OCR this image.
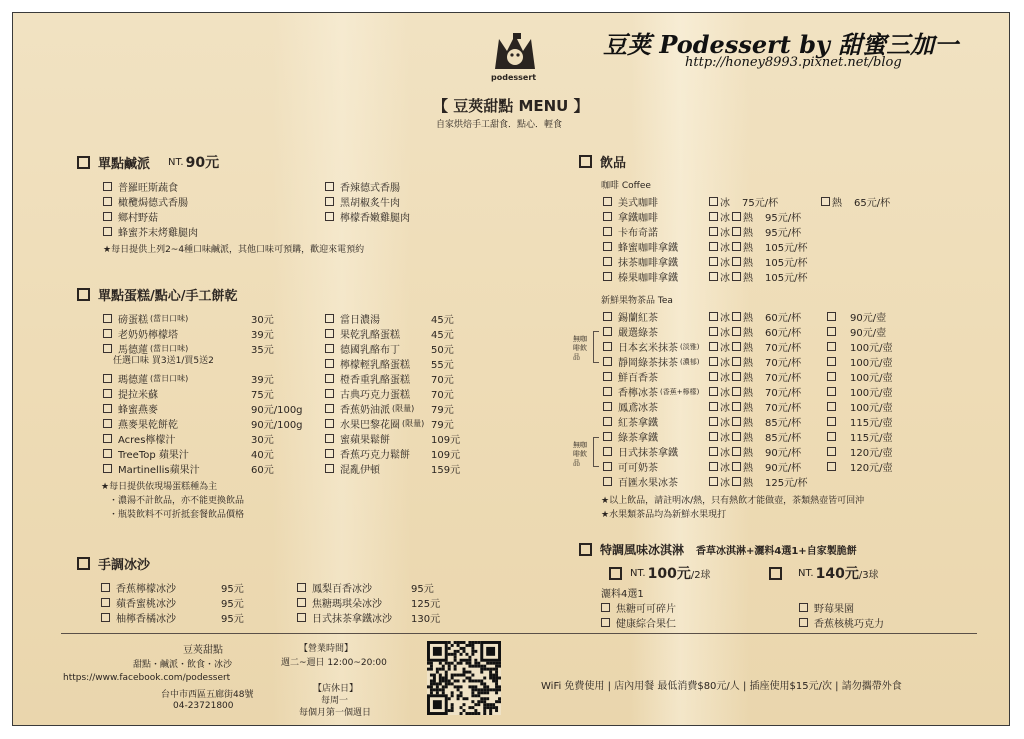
豆荚 Podessert by 甜蜜三加一
http://honey8993.pixnet.net/blog
podessert
【 豆莢甜點 MENU 】
自家烘焙手工甜食．點心．輕食
單點鹹派 NT. 90元
普羅旺斯蔬食
橄欖焗德式香腸
鄉村野菇
蜂蜜芥末烤雞腿肉
香辣德式香腸
黑胡椒炙牛肉
檸檬香嫩雞腿肉
★每日提供上列2~4種口味鹹派，其他口味可預購，歡迎來電預約
單點蛋糕/點心/手工餅乾
磅蛋糕 (當日口味)	30元
老奶奶檸檬塔	39元
馬德蓮 (當日口味)	35元
瑪德蓮 (當日口味)	39元
提拉米蘇	75元
蜂蜜燕麥	90元/100g
燕麥果乾餅乾	90元/100g
Acres檸檬汁	30元
TreeTop 蘋果汁	40元
Martinellis蘋果汁	60元
當日濃湯	45元
果乾乳酪蛋糕	45元
德國乳酪布丁	50元
檸檬輕乳酪蛋糕 55元
橙香重乳酪蛋糕 70元
古典巧克力蛋糕 70元
香蕉奶油派 (限量) 79元
水果巴黎花圈 (限量) 79元
蜜蘋果鬆餅	109元
香蕉巧克力鬆餅 109元
混亂伊頓	159元
任選口味 買3送1/買5送2
★每日提供依現場蛋糕種為主
・濃湯不計飲品，亦不能更換飲品
・瓶裝飲料不可折抵套餐飲品價格
手調冰沙
香蕉檸檬冰沙	95元
蘋香蜜桃冰沙	95元
柚檸香橘冰沙	95元
鳳梨百香冰沙	95元
焦糖瑪琪朵冰沙	125元
日式抹茶拿鐵冰沙 130元
飲品
咖啡 Coffee
美式咖啡	冰 75元/杯	熱 65元/杯
拿鐵咖啡	冰 熱 95元/杯
卡布奇諾	冰 熱 95元/杯
蜂蜜咖啡拿鐵	冰 熱 105元/杯
抹茶咖啡拿鐵	冰 熱 105元/杯
榛果咖啡拿鐵	冰 熱 105元/杯
新鮮果物茶品 Tea
錫蘭紅茶	冰 熱 60元/杯	90元/壺
嚴選綠茶	冰 熱 60元/杯	90元/壺
日本玄米抹茶 (淡雅) 冰 熱 70元/杯	100元/壺
靜岡綠茶抹茶 (濃郁) 冰 熱 70元/杯	100元/壺
鮮百香茶	冰 熱 70元/杯	100元/壺
香檸冰茶 (香蕉+檸檬) 冰 熱 70元/杯	100元/壺
鳳鳶冰茶	冰 熱 70元/杯	100元/壺
紅茶拿鐵	冰 熱 85元/杯	115元/壺
綠茶拿鐵	冰 熱 85元/杯	115元/壺
日式抹茶拿鐵	冰 熱 90元/杯	120元/壺
可可奶茶	冰 熱 90元/杯	120元/壺
百匯水果冰茶	冰 熱 125元/杯
無咖啡飲品
無咖啡飲品
★以上飲品，請註明冰/熱，只有熱飲才能做壺，茶類熱壺皆可回沖
★水果類茶品均為新鮮水果現打
特調風味冰淇淋 香草冰淇淋+灑料4選1+自家製脆餅
NT. 100元 /2球	NT. 140元 /3球
灑料4選1
焦糖可可碎片
健康綜合果仁
野莓果園
香蕉核桃巧克力
豆莢甜點
甜點・鹹派・飲食・冰沙
https://www.facebook.com/podessert
台中市西區五廊街48號
04-23721800
【營業時間】
週二~週日 12:00~20:00
【店休日】
每周一
每個月第一個週日
WiFi 免費使用 | 店內用餐 最低消費$80元/人 | 插座使用$15元/次 | 請勿攜帶外食
